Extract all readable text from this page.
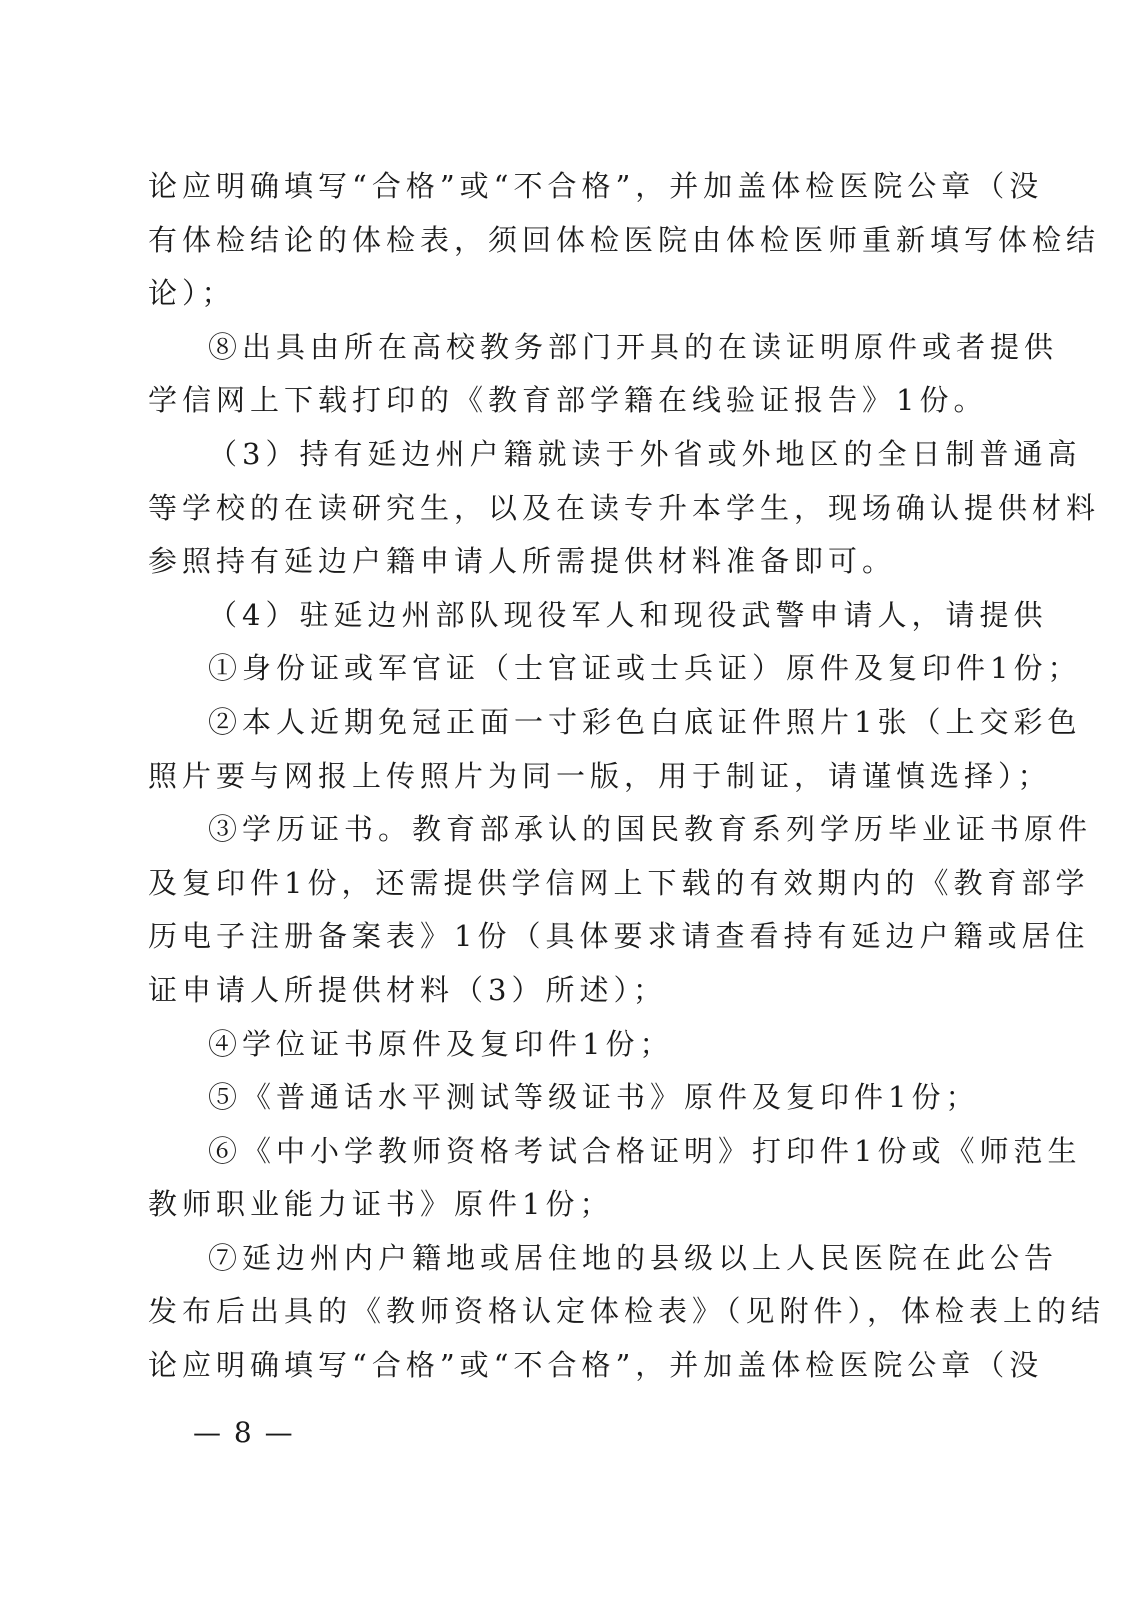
论应明确填写“合格”或“不合格”，并加盖体检医院公章（没
有体检结论的体检表，须回体检医院由体检医师重新填写体检结
论）；
⑧出具由所在高校教务部门开具的在读证明原件或者提供
学信网上下载打印的《教育部学籍在线验证报告》1份。
（3）持有延边州户籍就读于外省或外地区的全日制普通高
等学校的在读研究生，以及在读专升本学生，现场确认提供材料
参照持有延边户籍申请人所需提供材料准备即可。
（4）驻延边州部队现役军人和现役武警申请人，请提供
①身份证或军官证（士官证或士兵证）原件及复印件1份；
②本人近期免冠正面一寸彩色白底证件照片1张（上交彩色
照片要与网报上传照片为同一版，用于制证，请谨慎选择）；
③学历证书。教育部承认的国民教育系列学历毕业证书原件
及复印件1份，还需提供学信网上下载的有效期内的《教育部学
历电子注册备案表》1份（具体要求请查看持有延边户籍或居住
证申请人所提供材料（3）所述）；
④学位证书原件及复印件1份；
⑤《普通话水平测试等级证书》原件及复印件1份；
⑥《中小学教师资格考试合格证明》打印件1份或《师范生
教师职业能力证书》原件1份；
⑦延边州内户籍地或居住地的县级以上人民医院在此公告
发布后出具的《教师资格认定体检表》（见附件），体检表上的结
论应明确填写“合格”或“不合格”，并加盖体检医院公章（没
— 8 —
